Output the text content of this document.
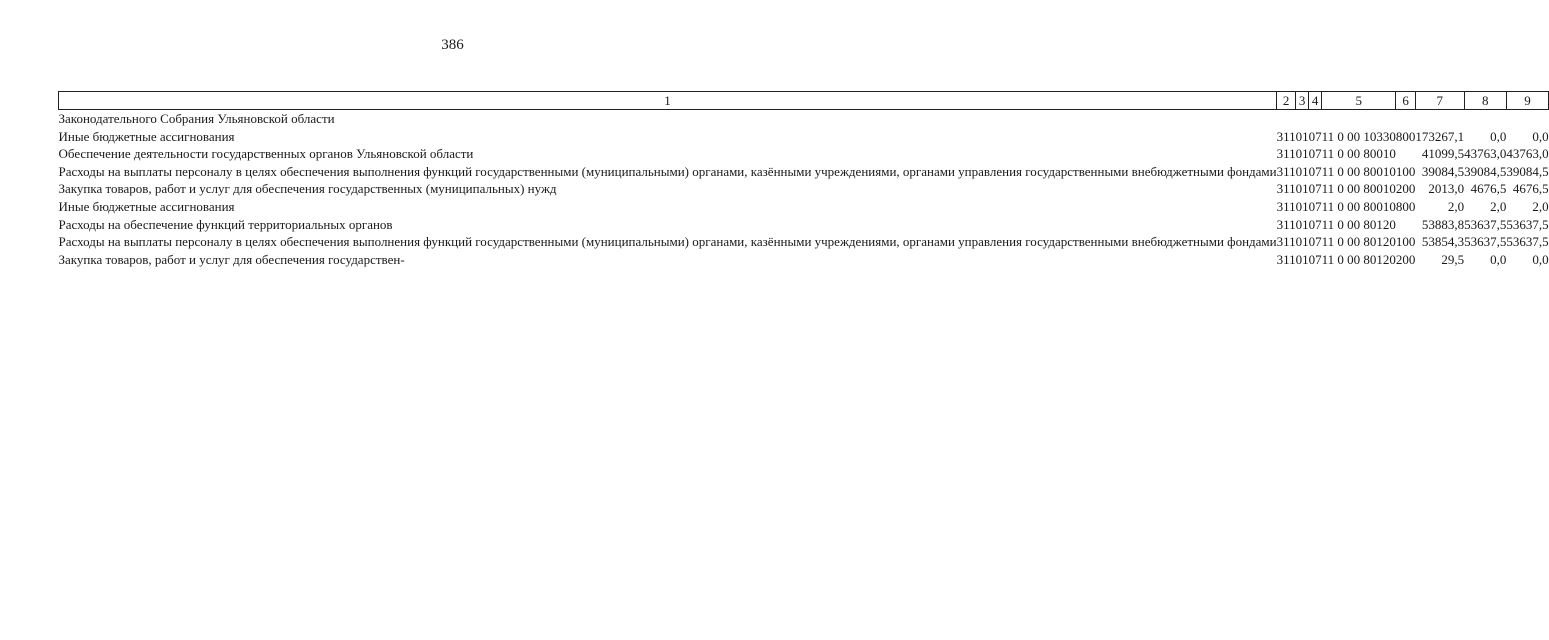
386
1	2	3	4	5	6	7	8	9
Законодательного Собрания Ульяновской области								
Иные бюджетные ассигнования	311	01	07	11 0 00 10330	800	173267,1	0,0	0,0
Обеспечение деятельности государственных органов Ульяновской области	311	01	07	11 0 00 80010		41099,5	43763,0	43763,0
Расходы на выплаты персоналу в целях обеспечения выполнения функций государственными (муниципальными) органами, казёнными учреждениями, органами управления государственными внебюджетными фондами	311	01	07	11 0 00 80010	100	39084,5	39084,5	39084,5
Закупка товаров, работ и услуг для обеспечения государственных (муниципальных) нужд	311	01	07	11 0 00 80010	200	2013,0	4676,5	4676,5
Иные бюджетные ассигнования	311	01	07	11 0 00 80010	800	2,0	2,0	2,0
Расходы на обеспечение функций территориальных органов	311	01	07	11 0 00 80120		53883,8	53637,5	53637,5
Расходы на выплаты персоналу в целях обеспечения выполнения функций государственными (муниципальными) органами, казёнными учреждениями, органами управления государственными внебюджетными фондами	311	01	07	11 0 00 80120	100	53854,3	53637,5	53637,5
Закупка товаров, работ и услуг для обеспечения государствен-	311	01	07	11 0 00 80120	200	29,5	0,0	0,0
